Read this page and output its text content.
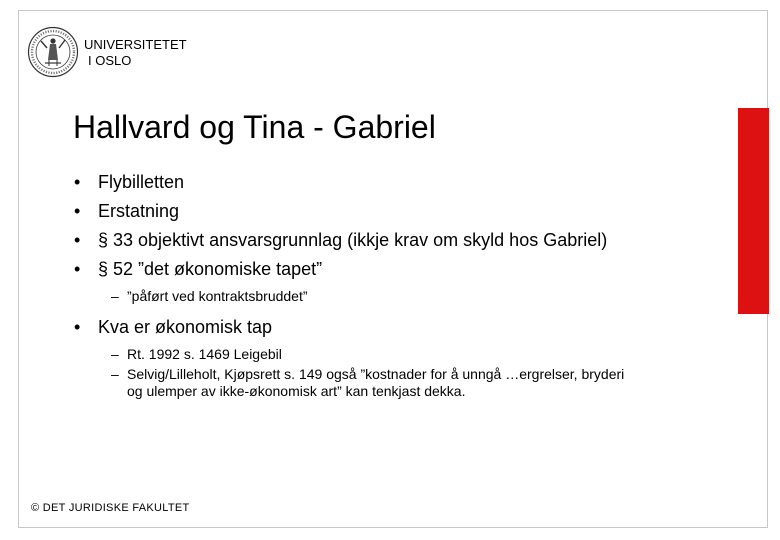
UNIVERSITETET
I OSLO
Hallvard og Tina - Gabriel
• Flybilletten
• Erstatning
• § 33 objektivt ansvarsgrunnlag (ikkje krav om skyld hos Gabriel)
• § 52 ”det økonomiske tapet”
– ”påført ved kontraktsbruddet”
• Kva er økonomisk tap
– Rt. 1992 s. 1469 Leigebil
– Selvig/Lilleholt, Kjøpsrett s. 149 også ”kostnader for å unngå …ergrelser, bryderi og ulemper av ikke-økonomisk art” kan tenkjast dekka.
© DET JURIDISKE FAKULTET
